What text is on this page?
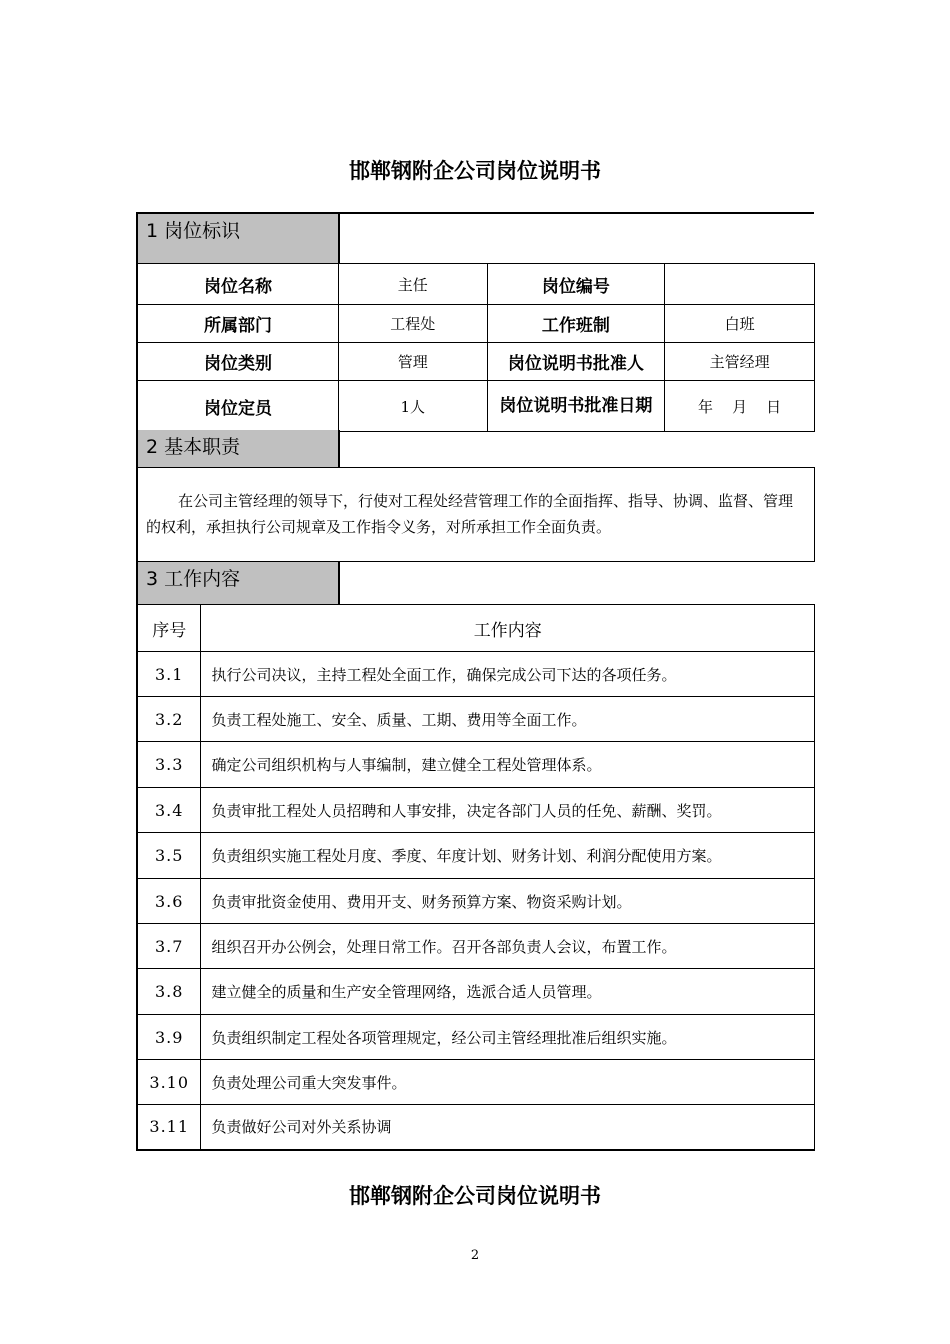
邯郸钢附企公司岗位说明书
1 岗位标识
岗位名称	主任	岗位编号	
所属部门	工程处	工作班制	白班
岗位类别	管理	岗位说明书批准人	主管经理
岗位定员	1人	岗位说明书批准日期	年    月    日
2 基本职责
在公司主管经理的领导下，行使对工程处经营管理工作的全面指挥、指导、协调、监督、管理的权利，承担执行公司规章及工作指令义务，对所承担工作全面负责。
3 工作内容
序号	工作内容
3.1	执行公司决议，主持工程处全面工作，确保完成公司下达的各项任务。
3.2	负责工程处施工、安全、质量、工期、费用等全面工作。
3.3	确定公司组织机构与人事编制，建立健全工程处管理体系。
3.4	负责审批工程处人员招聘和人事安排，决定各部门人员的任免、薪酬、奖罚。
3.5	负责组织实施工程处月度、季度、年度计划、财务计划、利润分配使用方案。
3.6	负责审批资金使用、费用开支、财务预算方案、物资采购计划。
3.7	组织召开办公例会，处理日常工作。召开各部负责人会议，布置工作。
3.8	建立健全的质量和生产安全管理网络，选派合适人员管理。
3.9	负责组织制定工程处各项管理规定，经公司主管经理批准后组织实施。
3.10	负责处理公司重大突发事件。
3.11	负责做好公司对外关系协调
邯郸钢附企公司岗位说明书
2
